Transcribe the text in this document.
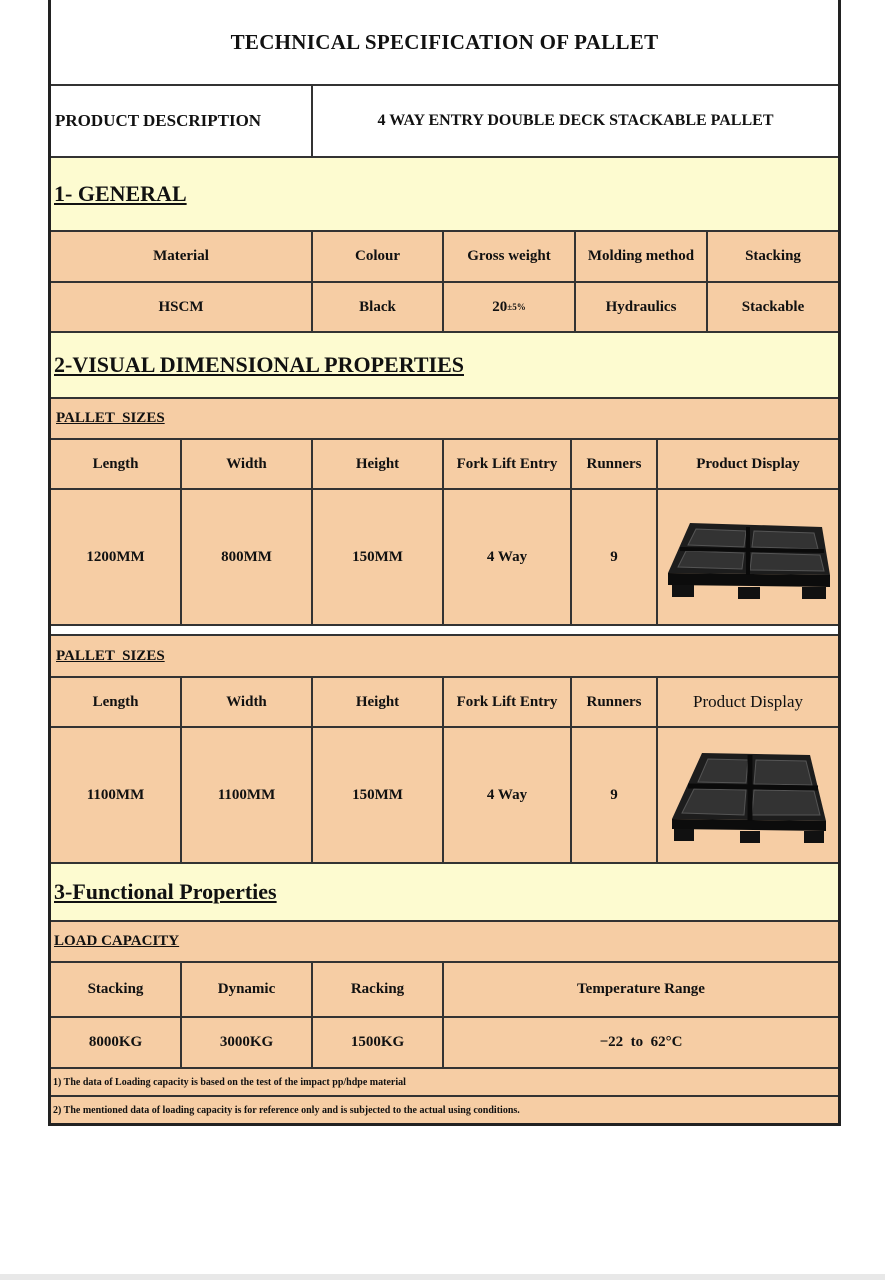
TECHNICAL SPECIFICATION OF PALLET
PRODUCT DESCRIPTION	4 WAY ENTRY DOUBLE DECK STACKABLE PALLET
1- GENERAL
Material	Colour	Gross weight	Molding method	Stacking
HSCM	Black	20 ±5%	Hydraulics	Stackable
2-VISUAL DIMENSIONAL PROPERTIES
PALLET  SIZES
Length	Width	Height	Fork Lift Entry	Runners	Product Display
1200MM	800MM	150MM	4 Way	9
PALLET  SIZES
Length	Width	Height	Fork Lift Entry	Runners	Product Display
1100MM	1100MM	150MM	4 Way	9
3-Functional Properties
LOAD CAPACITY
Stacking	Dynamic	Racking	Temperature Range
8000KG	3000KG	1500KG	−22  to  62°C
1) The data of Loading capacity is based on the test of the impact pp/hdpe material
2) The mentioned data of loading capacity is for reference only and is subjected to the actual using conditions.
